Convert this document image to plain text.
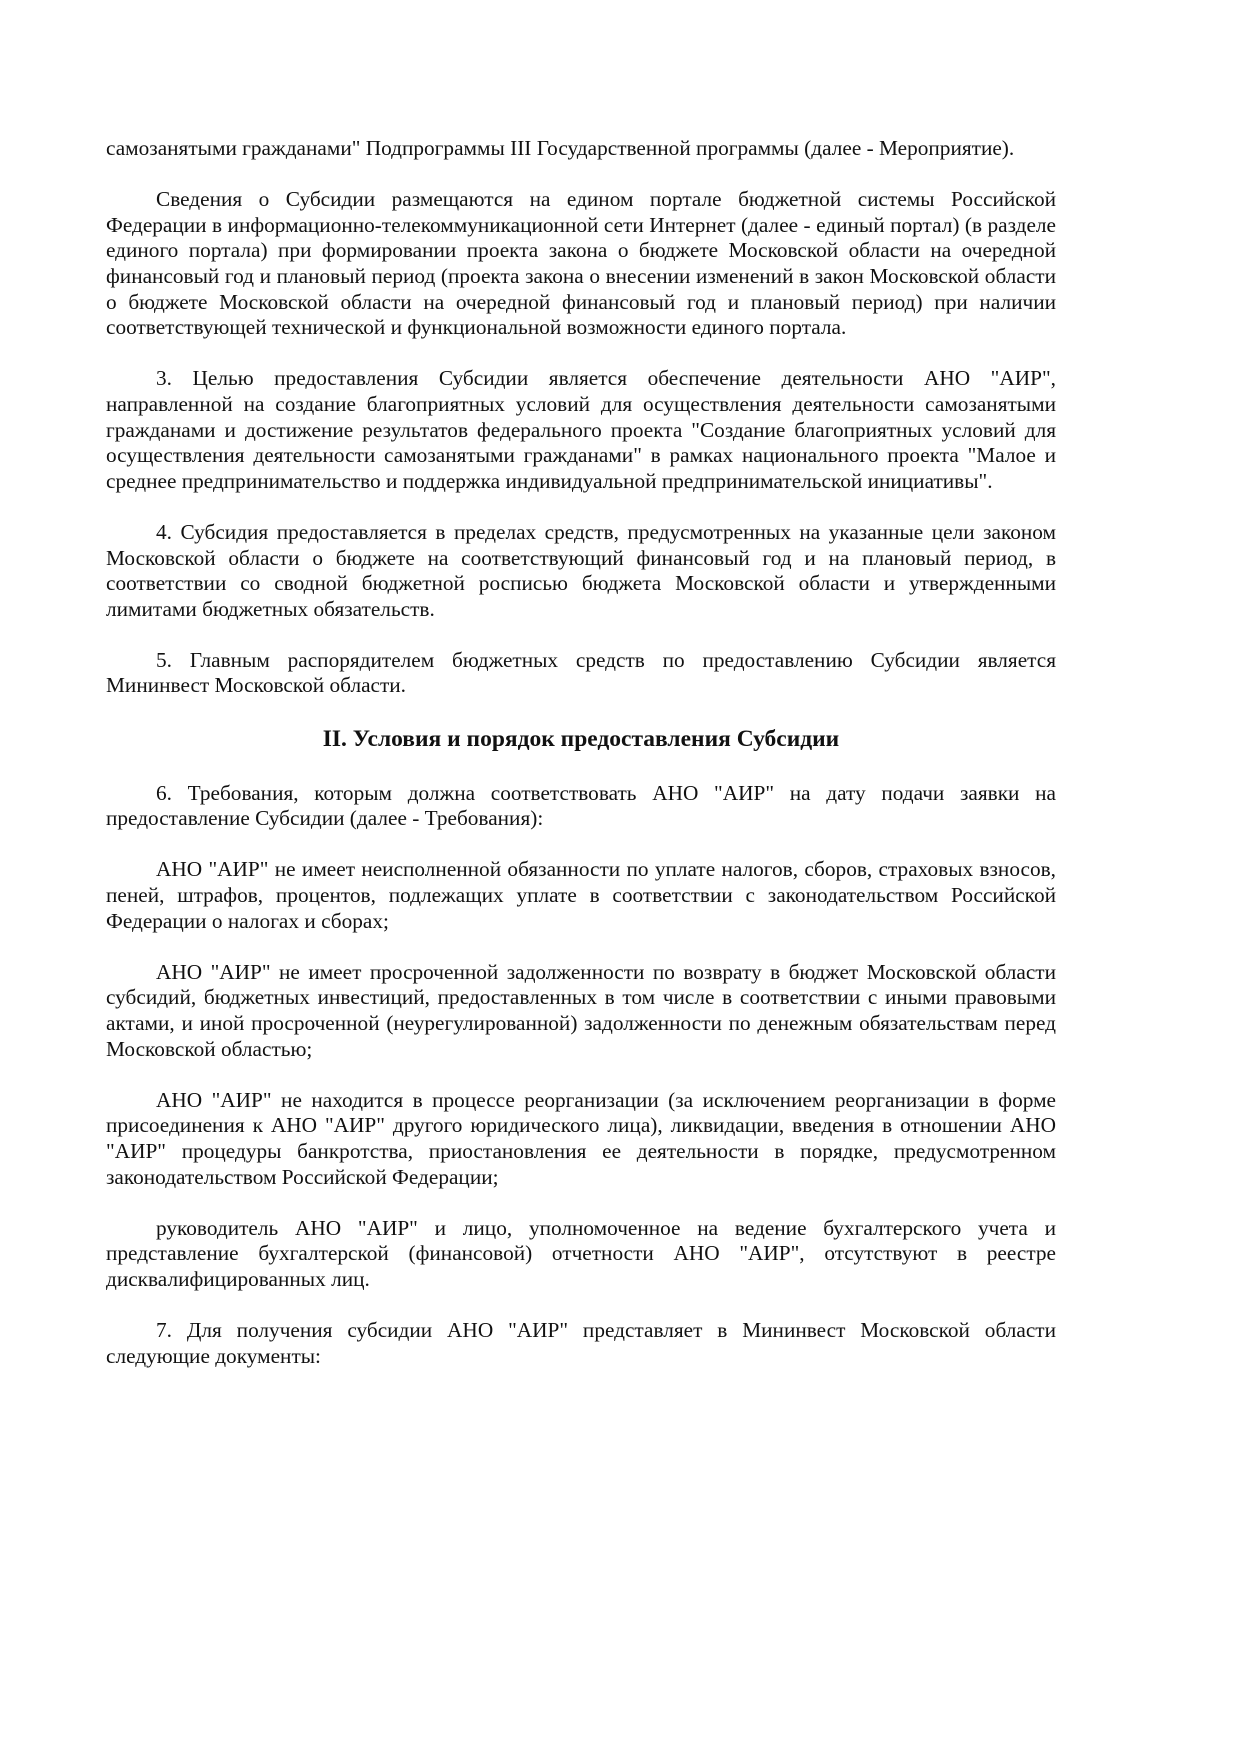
самозанятыми гражданами" Подпрограммы III Государственной программы (далее - Мероприятие).

Сведения о Субсидии размещаются на едином портале бюджетной системы Российской Федерации в информационно-телекоммуникационной сети Интернет (далее - единый портал) (в разделе единого портала) при формировании проекта закона о бюджете Московской области на очередной финансовый год и плановый период (проекта закона о внесении изменений в закон Московской области о бюджете Московской области на очередной финансовый год и плановый период) при наличии соответствующей технической и функциональной возможности единого портала.

3. Целью предоставления Субсидии является обеспечение деятельности АНО "АИР", направленной на создание благоприятных условий для осуществления деятельности самозанятыми гражданами и достижение результатов федерального проекта "Создание благоприятных условий для осуществления деятельности самозанятыми гражданами" в рамках национального проекта "Малое и среднее предпринимательство и поддержка индивидуальной предпринимательской инициативы".

4. Субсидия предоставляется в пределах средств, предусмотренных на указанные цели законом Московской области о бюджете на соответствующий финансовый год и на плановый период, в соответствии со сводной бюджетной росписью бюджета Московской области и утвержденными лимитами бюджетных обязательств.

5. Главным распорядителем бюджетных средств по предоставлению Субсидии является Мининвест Московской области.

II. Условия и порядок предоставления Субсидии

6. Требования, которым должна соответствовать АНО "АИР" на дату подачи заявки на предоставление Субсидии (далее - Требования):

АНО "АИР" не имеет неисполненной обязанности по уплате налогов, сборов, страховых взносов, пеней, штрафов, процентов, подлежащих уплате в соответствии с законодательством Российской Федерации о налогах и сборах;

АНО "АИР" не имеет просроченной задолженности по возврату в бюджет Московской области субсидий, бюджетных инвестиций, предоставленных в том числе в соответствии с иными правовыми актами, и иной просроченной (неурегулированной) задолженности по денежным обязательствам перед Московской областью;

АНО "АИР" не находится в процессе реорганизации (за исключением реорганизации в форме присоединения к АНО "АИР" другого юридического лица), ликвидации, введения в отношении АНО "АИР" процедуры банкротства, приостановления ее деятельности в порядке, предусмотренном законодательством Российской Федерации;

руководитель АНО "АИР" и лицо, уполномоченное на ведение бухгалтерского учета и представление бухгалтерской (финансовой) отчетности АНО "АИР", отсутствуют в реестре дисквалифицированных лиц.

7. Для получения субсидии АНО "АИР" представляет в Мининвест Московской области следующие документы:
